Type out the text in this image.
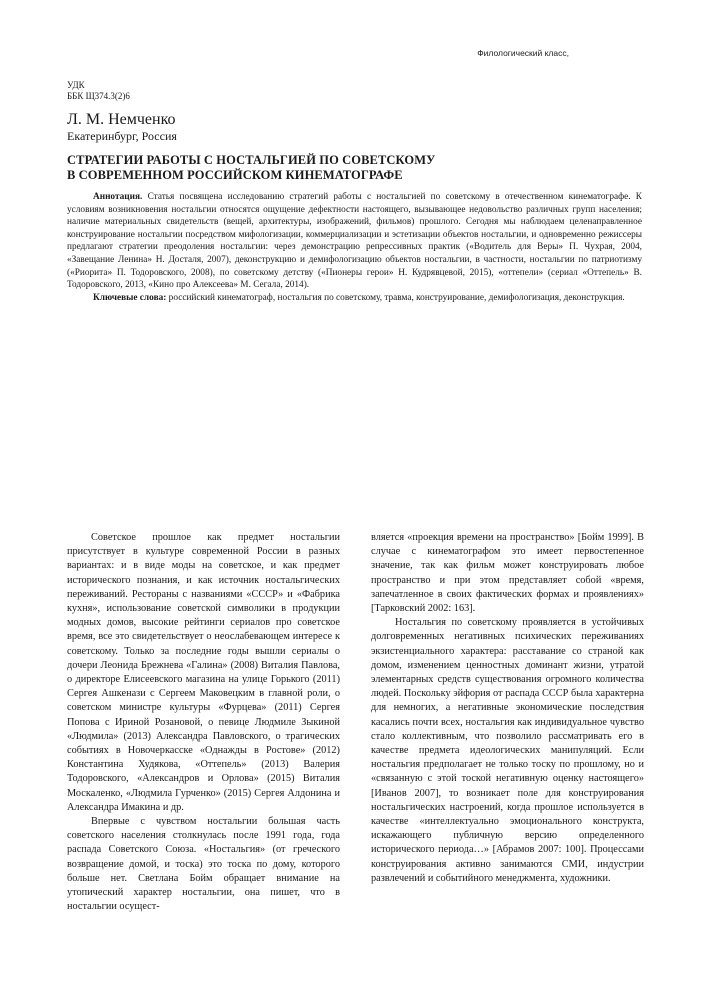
Филологический класс,
УДК
ББК Щ374.3(2)6
Л. М. Немченко
Екатеринбург, Россия
СТРАТЕГИИ РАБОТЫ С НОСТАЛЬГИЕЙ ПО СОВЕТСКОМУ
В СОВРЕМЕННОМ РОССИЙСКОМ КИНЕМАТОГРАФЕ

Аннотация. Статья посвящена исследованию стратегий работы с ностальгией по советскому в отечественном кинематографе. К условиям возникновения ностальгии относятся ощущение дефектности настоящего, вызывающее недовольство различных групп населения; наличие материальных свидетельств (вещей, архитектуры, изображений, фильмов) прошлого. Сегодня мы наблюдаем целенаправленное конструирование ностальгии посредством мифологизации, коммерциализации и эстетизации объектов ностальгии, и одновременно режиссеры предлагают стратегии преодоления ностальгии: через демонстрацию репрессивных практик («Водитель для Веры» П. Чухрая, 2004, «Завещание Ленина» Н. Досталя, 2007), деконструкцию и демифологизацию объектов ностальгии, в частности, ностальгии по патриотизму («Риорита» П. Тодоровского, 2008), по советскому детству («Пионеры герои» Н. Кудрявцевой, 2015), «оттепели» (сериал «Оттепель» В. Тодоровского, 2013, «Кино про Алексеева» М. Сегала, 2014).

Ключевые слова: российский кинематограф, ностальгия по советскому, травма, конструирование, демифологизация, деконструкция.

Советское прошлое как предмет ностальгии присутствует в культуре современной России в разных вариантах: и в виде моды на советское, и как предмет исторического познания, и как источник ностальгических переживаний. Рестораны с названиями «СССР» и «Фабрика кухня», использование советской символики в продукции модных домов, высокие рейтинги сериалов про советское время, все это свидетельствует о неослабевающем интересе к советскому. Только за последние годы вышли сериалы о дочери Леонида Брежнева «Галина» (2008) Виталия Павлова, о директоре Елисеевского магазина на улице Горького (2011) Сергея Ашкенази с Сергеем Маковецким в главной роли, о советском министре культуры «Фурцева» (2011) Сергея Попова с Ириной Розановой, о певице Людмиле Зыкиной «Людмила» (2013) Александра Павловского, о трагических событиях в Новочеркасске «Однажды в Ростове» (2012) Константина Худякова, «Оттепель» (2013) Валерия Тодоровского, «Александров и Орлова» (2015) Виталия Москаленко, «Людмила Гурченко» (2015) Сергея Алдонина и Александра Имакина и др.

Впервые с чувством ностальгии большая часть советского населения столкнулась после 1991 года, года распада Советского Союза. «Ностальгия» (от греческого возвращение домой, и тоска) это тоска по дому, которого больше нет. Светлана Бойм обращает внимание на утопический характер ностальгии, она пишет, что в ностальгии осущест-

вляется «проекция времени на пространство» [Бойм 1999]. В случае с кинематографом это имеет первостепенное значение, так как фильм может конструировать любое пространство и при этом представляет собой «время, запечатленное в своих фактических формах и проявлениях» [Тарковский 2002: 163].

Ностальгия по советскому проявляется в устойчивых долговременных негативных психических переживаниях экзистенциального характера: расставание со страной как домом, изменением ценностных доминант жизни, утратой элементарных средств существования огромного количества людей. Поскольку эйфория от распада СССР была характерна для немногих, а негативные экономические последствия касались почти всех, ностальгия как индивидуальное чувство стало коллективным, что позволило рассматривать его в качестве предмета идеологических манипуляций. Если ностальгия предполагает не только тоску по прошлому, но и «связанную с этой тоской негативную оценку настоящего» [Иванов 2007], то возникает поле для конструирования ностальгических настроений, когда прошлое используется в качестве «интеллектуально эмоционального конструкта, искажающего публичную версию определенного исторического периода…» [Абрамов 2007: 100]. Процессами конструирования активно занимаются СМИ, индустрии развлечений и событийного менеджмента, художники.
